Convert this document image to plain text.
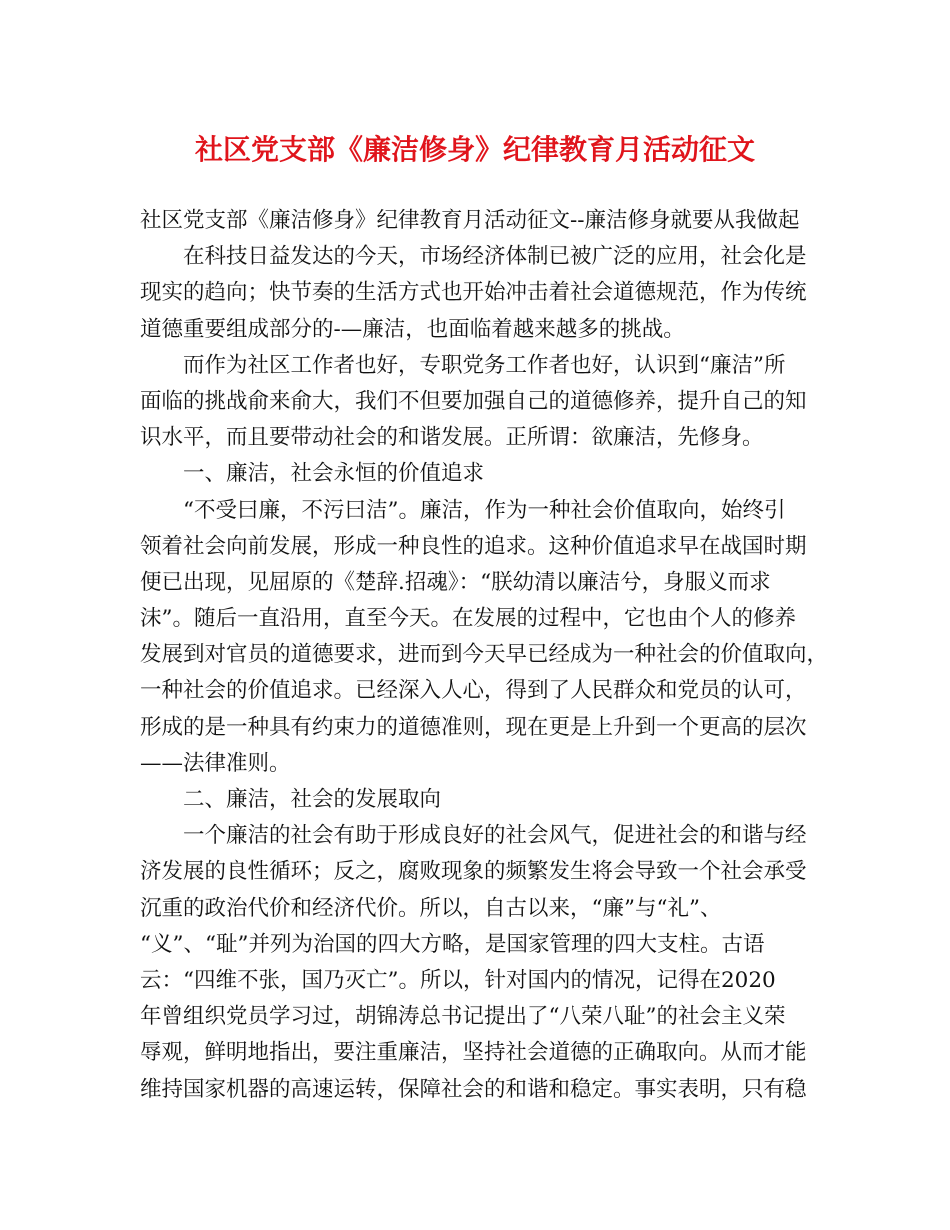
社区党支部《廉洁修身》纪律教育月活动征文
社区党支部《廉洁修身》纪律教育月活动征文--廉洁修身就要从我做起
在科技日益发达的今天，市场经济体制已被广泛的应用，社会化是
现实的趋向；快节奏的生活方式也开始冲击着社会道德规范，作为传统
道德重要组成部分的-—廉洁，也面临着越来越多的挑战。
而作为社区工作者也好，专职党务工作者也好，认识到“廉洁”所
面临的挑战俞来俞大，我们不但要加强自己的道德修养，提升自己的知
识水平，而且要带动社会的和谐发展。正所谓：欲廉洁，先修身。
一、廉洁，社会永恒的价值追求
“不受曰廉，不污曰洁”。廉洁，作为一种社会价值取向，始终引
领着社会向前发展，形成一种良性的追求。这种价值追求早在战国时期
便已出现，见屈原的《楚辞.招魂》：“朕幼清以廉洁兮，身服义而求
沫”。随后一直沿用，直至今天。在发展的过程中，它也由个人的修养
发展到对官员的道德要求，进而到今天早已经成为一种社会的价值取向，
一种社会的价值追求。已经深入人心，得到了人民群众和党员的认可，
形成的是一种具有约束力的道德准则，现在更是上升到一个更高的层次
——法律准则。
二、廉洁，社会的发展取向
一个廉洁的社会有助于形成良好的社会风气，促进社会的和谐与经
济发展的良性循环；反之，腐败现象的频繁发生将会导致一个社会承受
沉重的政治代价和经济代价。所以，自古以来，“廉”与“礼”、
“义”、“耻”并列为治国的四大方略，是国家管理的四大支柱。古语
云：“四维不张，国乃灭亡”。所以，针对国内的情况，记得在2020
年曾组织党员学习过，胡锦涛总书记提出了“八荣八耻”的社会主义荣
辱观，鲜明地指出，要注重廉洁，坚持社会道德的正确取向。从而才能
维持国家机器的高速运转，保障社会的和谐和稳定。事实表明，只有稳
